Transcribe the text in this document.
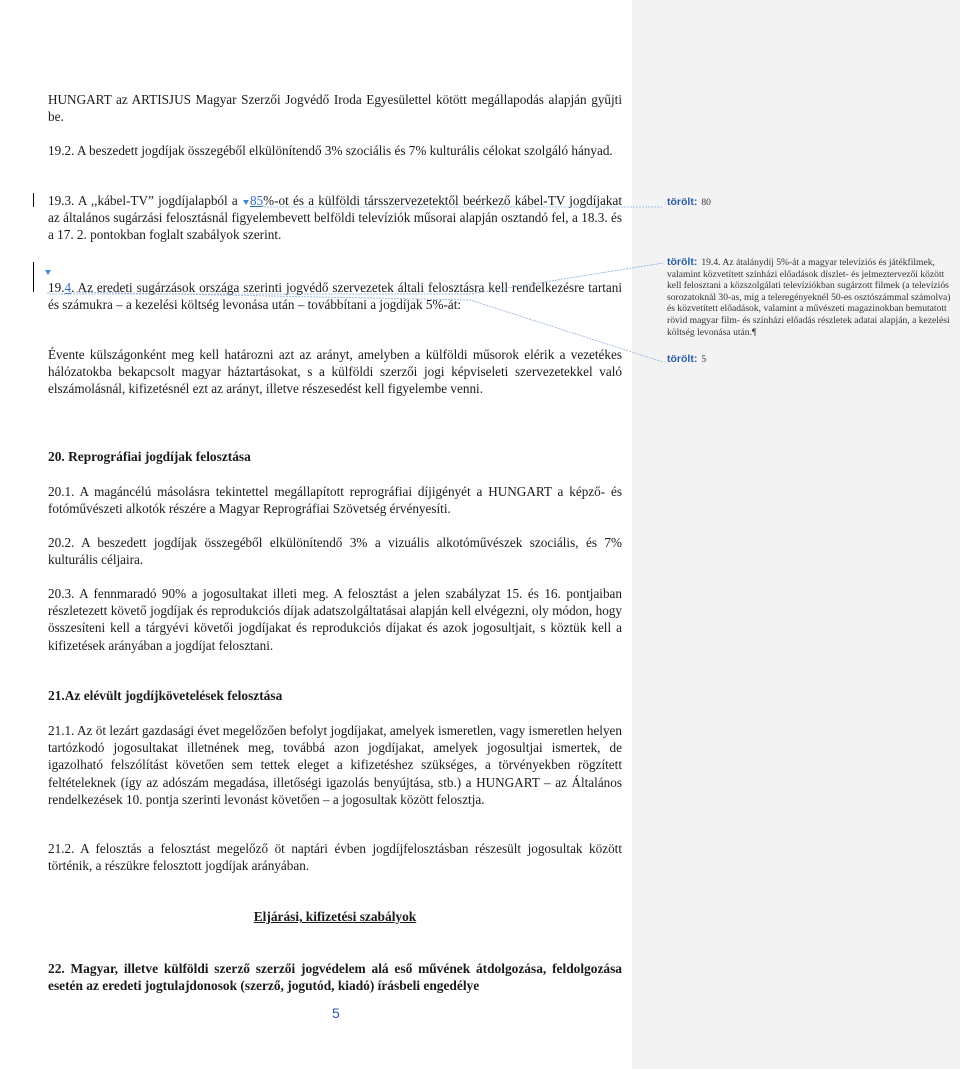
HUNGART az ARTISJUS Magyar Szerzői Jogvédő Iroda Egyesülettel kötött megállapodás alapján gyűjti be.

19.2. A beszedett jogdíjak összegéből elkülönítendő 3% szociális és 7% kulturális célokat szolgáló hányad.

19.3. A ,,kábel-TV” jogdíjalapból a 85%-ot és a külföldi társszervezetektől beérkező kábel-TV jogdíjakat az általános sugárzási felosztásnál figyelembevett belföldi televíziók műsorai alapján osztandó fel, a 18.3. és a 17. 2. pontokban foglalt szabályok szerint.

19.4. Az eredeti sugárzások országa szerinti jogvédő szervezetek általi felosztásra kell rendelkezésre tartani és számukra – a kezelési költség levonása után – továbbítani a jogdíjak 5%-át:

Évente külszágonként meg kell határozni azt az arányt, amelyben a külföldi műsorok elérik a vezetékes hálózatokba bekapcsolt magyar háztartásokat, s a külföldi szerzői jogi képviseleti szervezetekkel való elszámolásnál, kifizetésnél ezt az arányt, illetve részesedést kell figyelembe venni.

20. Reprográfiai jogdíjak felosztása

20.1. A magáncélú másolásra tekintettel megállapított reprográfiai díjigényét a HUNGART a képző- és fotóművészeti alkotók részére a Magyar Reprográfiai Szövetség érvényesíti.

20.2. A beszedett jogdíjak összegéből elkülönítendő 3% a vizuális alkotóművészek szociális, és 7% kulturális céljaira.

20.3. A fennmaradó 90% a jogosultakat illeti meg. A felosztást a jelen szabályzat 15. és 16. pontjaiban részletezett követő jogdíjak és reprodukciós díjak adatszolgáltatásai alapján kell elvégezni, oly módon, hogy összesíteni kell a tárgyévi követői jogdíjakat és reprodukciós díjakat és azok jogosultjait, s köztük kell a kifizetések arányában a jogdíjat felosztani.

21.Az elévült jogdíjkövetelések felosztása

21.1. Az öt lezárt gazdasági évet megelőzően befolyt jogdíjakat, amelyek ismeretlen, vagy ismeretlen helyen tartózkodó jogosultakat illetnének meg, továbbá azon jogdíjakat, amelyek jogosultjai ismertek, de igazolható felszólítást követően sem tettek eleget a kifizetéshez szükséges, a törvényekben rögzített feltételeknek (így az adószám megadása, illetőségi igazolás benyújtása, stb.) a HUNGART – az Általános rendelkezések 10. pontja szerinti levonást követően – a jogosultak között felosztja.

21.2. A felosztás a felosztást megelőző öt naptári évben jogdíjfelosztásban részesült jogosultak között történik, a részükre felosztott jogdíjak arányában.

Eljárási, kifizetési szabályok

22. Magyar, illetve külföldi szerző szerzői jogvédelem alá eső művének átdolgozása, feldolgozása esetén az eredeti jogtulajdonosok (szerző, jogutód, kiadó) írásbeli engedélye

5
törölt: 80
törölt: 19.4. Az átalánydíj 5%-át a magyar televíziós és játékfilmek, valamint közvetített színházi előadások díszlet- és jelmeztervezői között kell felosztani a közszolgálati televíziókban sugárzott filmek (a televíziós sorozatoknál 30-as, míg a teleregényeknél 50-es osztószámmal számolva) és közvetített előadások, valamint a művészeti magazinokban bemutatott rövid magyar film- és színházi előadás részletek adatai alapján, a kezelési költség levonása után.¶
törölt: 5
